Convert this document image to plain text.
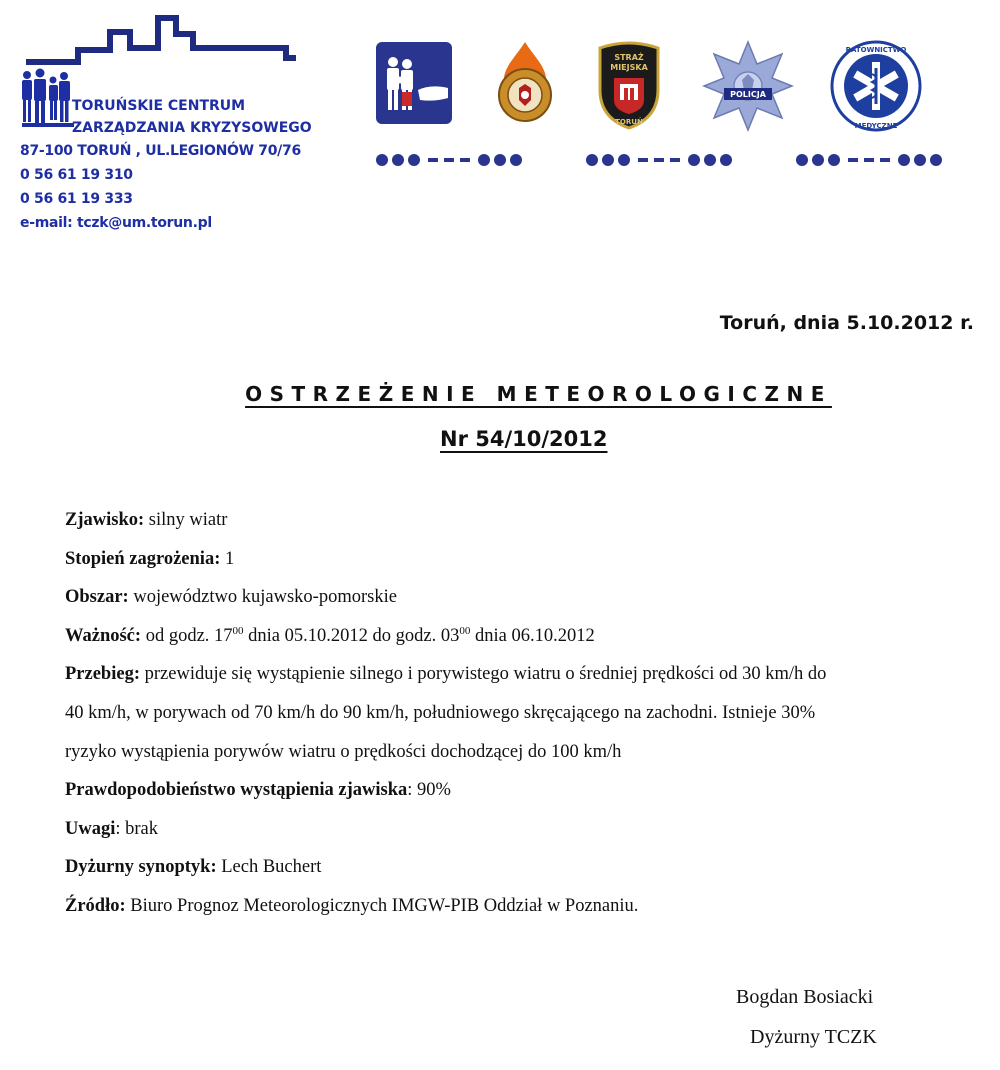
TORUŃSKIE CENTRUM
ZARZĄDZANIA KRYZYSOWEGO
87-100 TORUŃ , UL.LEGIONÓW 70/76
0 56 61 19 310
0 56 61 19 333
e-mail: tczk@um.torun.pl
STRAŻ
MIEJSKA
TORUŃ
POLICJA
RATOWNICTWO
MEDYCZNE
Toruń, dnia 5.10.2012 r.
OSTRZEŻENIE METEOROLOGICZNE
Nr 54/10/2012
Zjawisko: silny wiatr
Stopień zagrożenia: 1
Obszar: województwo kujawsko-pomorskie
Ważność: od godz. $17^{00}$ dnia 05.10.2012 do godz. $03^{00}$ dnia 06.10.2012
Przebieg: przewiduje się wystąpienie silnego i porywistego wiatru o średniej prędkości od 30 km/h do
40 km/h, w porywach od 70 km/h do 90 km/h, południowego skręcającego na zachodni. Istnieje 30%
ryzyko wystąpienia porywów wiatru o prędkości dochodzącej do 100 km/h
Prawdopodobieństwo wystąpienia zjawiska: 90%
Uwagi: brak
Dyżurny synoptyk: Lech Buchert
Źródło: Biuro Prognoz Meteorologicznych IMGW-PIB Oddział w Poznaniu.
Bogdan Bosiacki
Dyżurny TCZK
